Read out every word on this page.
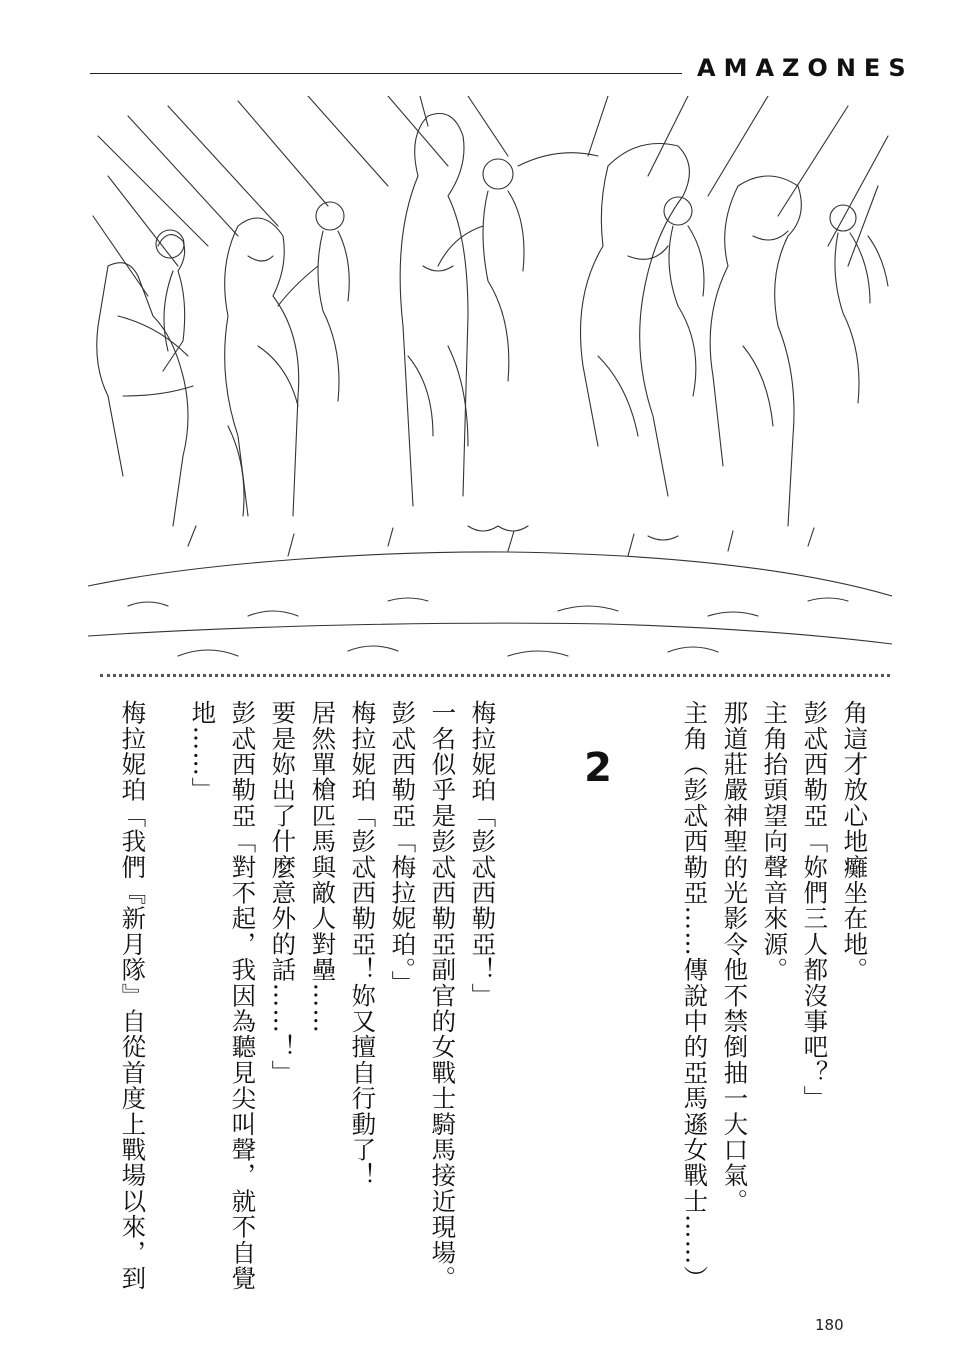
AMAZONES
角這才放心地癱坐在地。
彭忒西勒亞「妳們三人都沒事吧？」
主角抬頭望向聲音來源。
那道莊嚴神聖的光影令他不禁倒抽一大口氣。
主角（彭忒西勒亞……傳說中的亞馬遜女戰士……）
2
梅拉妮珀「彭忒西勒亞！」
一名似乎是彭忒西勒亞副官的女戰士騎馬接近現場。
彭忒西勒亞「梅拉妮珀。」
梅拉妮珀「彭忒西勒亞！妳又擅自行動了！
居然單槍匹馬與敵人對壘……
要是妳出了什麼意外的話……！」
彭忒西勒亞「對不起，我因為聽見尖叫聲，就不自覺
地……」
梅拉妮珀「我們『新月隊』自從首度上戰場以來，到
180
